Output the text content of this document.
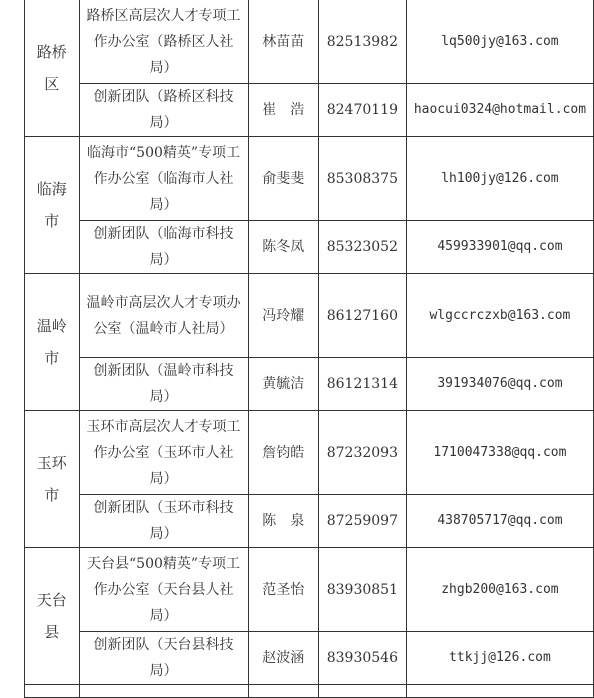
路桥
区	路桥区高层次人才专项工作办公室（路桥区人社局）	林苗苗	82513982	lq500jy@163.com
	创新团队（路桥区科技局）	崔　浩	82470119	haocui0324@hotmail.com
临海
市	临海市“500精英”专项工作办公室（临海市人社局）	俞斐斐	85308375	lh100jy@126.com
	创新团队（临海市科技局）	陈冬凤	85323052	459933901@qq.com
温岭
市	温岭市高层次人才专项办公室（温岭市人社局）	冯玲耀	86127160	wlgccrczxb@163.com
	创新团队（温岭市科技局）	黄毓洁	86121314	391934076@qq.com
玉环
市	玉环市高层次人才专项工作办公室（玉环市人社局）	詹钧皓	87232093	1710047338@qq.com
	创新团队（玉环市科技局）	陈　泉	87259097	438705717@qq.com
天台
县	天台县“500精英”专项工作办公室（天台县人社局）	范圣怡	83930851	zhgb200@163.com
	创新团队（天台县科技局）	赵波涵	83930546	ttkjj@126.com
